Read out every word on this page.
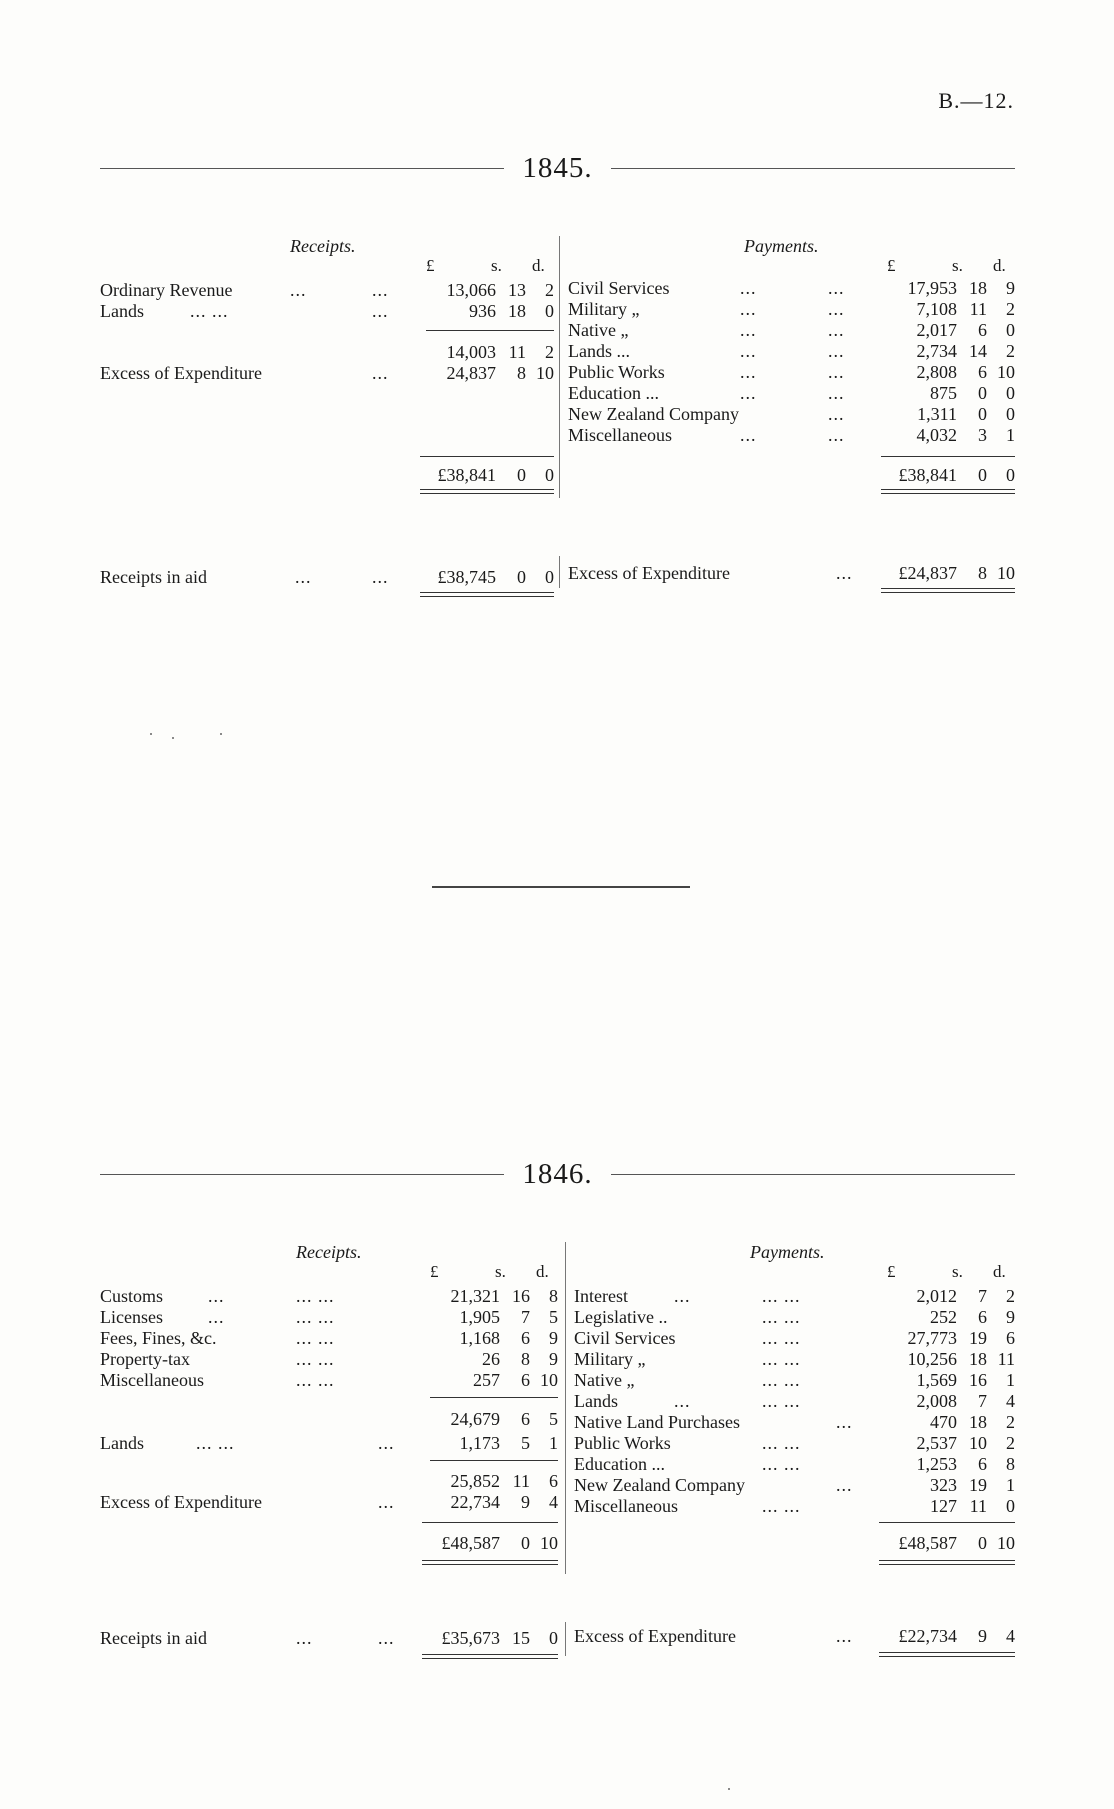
B.—12.
1845.
Receipts.
£	s. d.
Ordinary Revenue	...	...	13,066 13	2
Lands	... ...	...	936 18	0
14,003 11	2
Excess of Expenditure	...	24,837	8 10
£38,841	0	0
Receipts in aid	...	...	£38,745	0	0
Payments.
£	s. d.
Civil Services	...	...	17,953 18	9
Military „	...	...	7,108 11	2
Native „	...	...	2,017	6	0
Lands ...	...	...	2,734 14	2
Public Works	...	...	2,808	6 10
Education ...	...	...	875	0	0
New Zealand Company	...	1,311	0	0
Miscellaneous	...	...	4,032	3	1
£38,841	0	0
Excess of Expenditure	...	£24,837	8 10
1846.
Receipts.
£	s. d.
Customs ...	... ...	21,321 16	8
Licenses	...	... ...	1,905	7	5
Fees, Fines, &c.	... ...	1,168	6	9
Property-tax	... ...	26	8	9
Miscellaneous	... ...	257	6 10
24,679	6	5
Lands	... ...	...	1,173	5	1
25,852 11	6
Excess of Expenditure	...	22,734	9	4
£48,587	0 10
Receipts in aid	...	...	£35,673 15	0
Payments.
£	s. d.
Interest	...	... ...	2,012	7	2
Legislative ..	... ...	252	6	9
Civil Services	... ...	27,773 19	6
Military „	... ...	10,256 18 11
Native „	... ...	1,569 16	1
Lands	...	... ...	2,008	7	4
Native Land Purchases	...	470 18	2
Public Works	... ...	2,537 10	2
Education ...	... ...	1,253	6	8
New Zealand Company	...	323 19	1
Miscellaneous	... ...	127 11	0
£48,587	0 10
Excess of Expenditure	...	£22,734	9	4
